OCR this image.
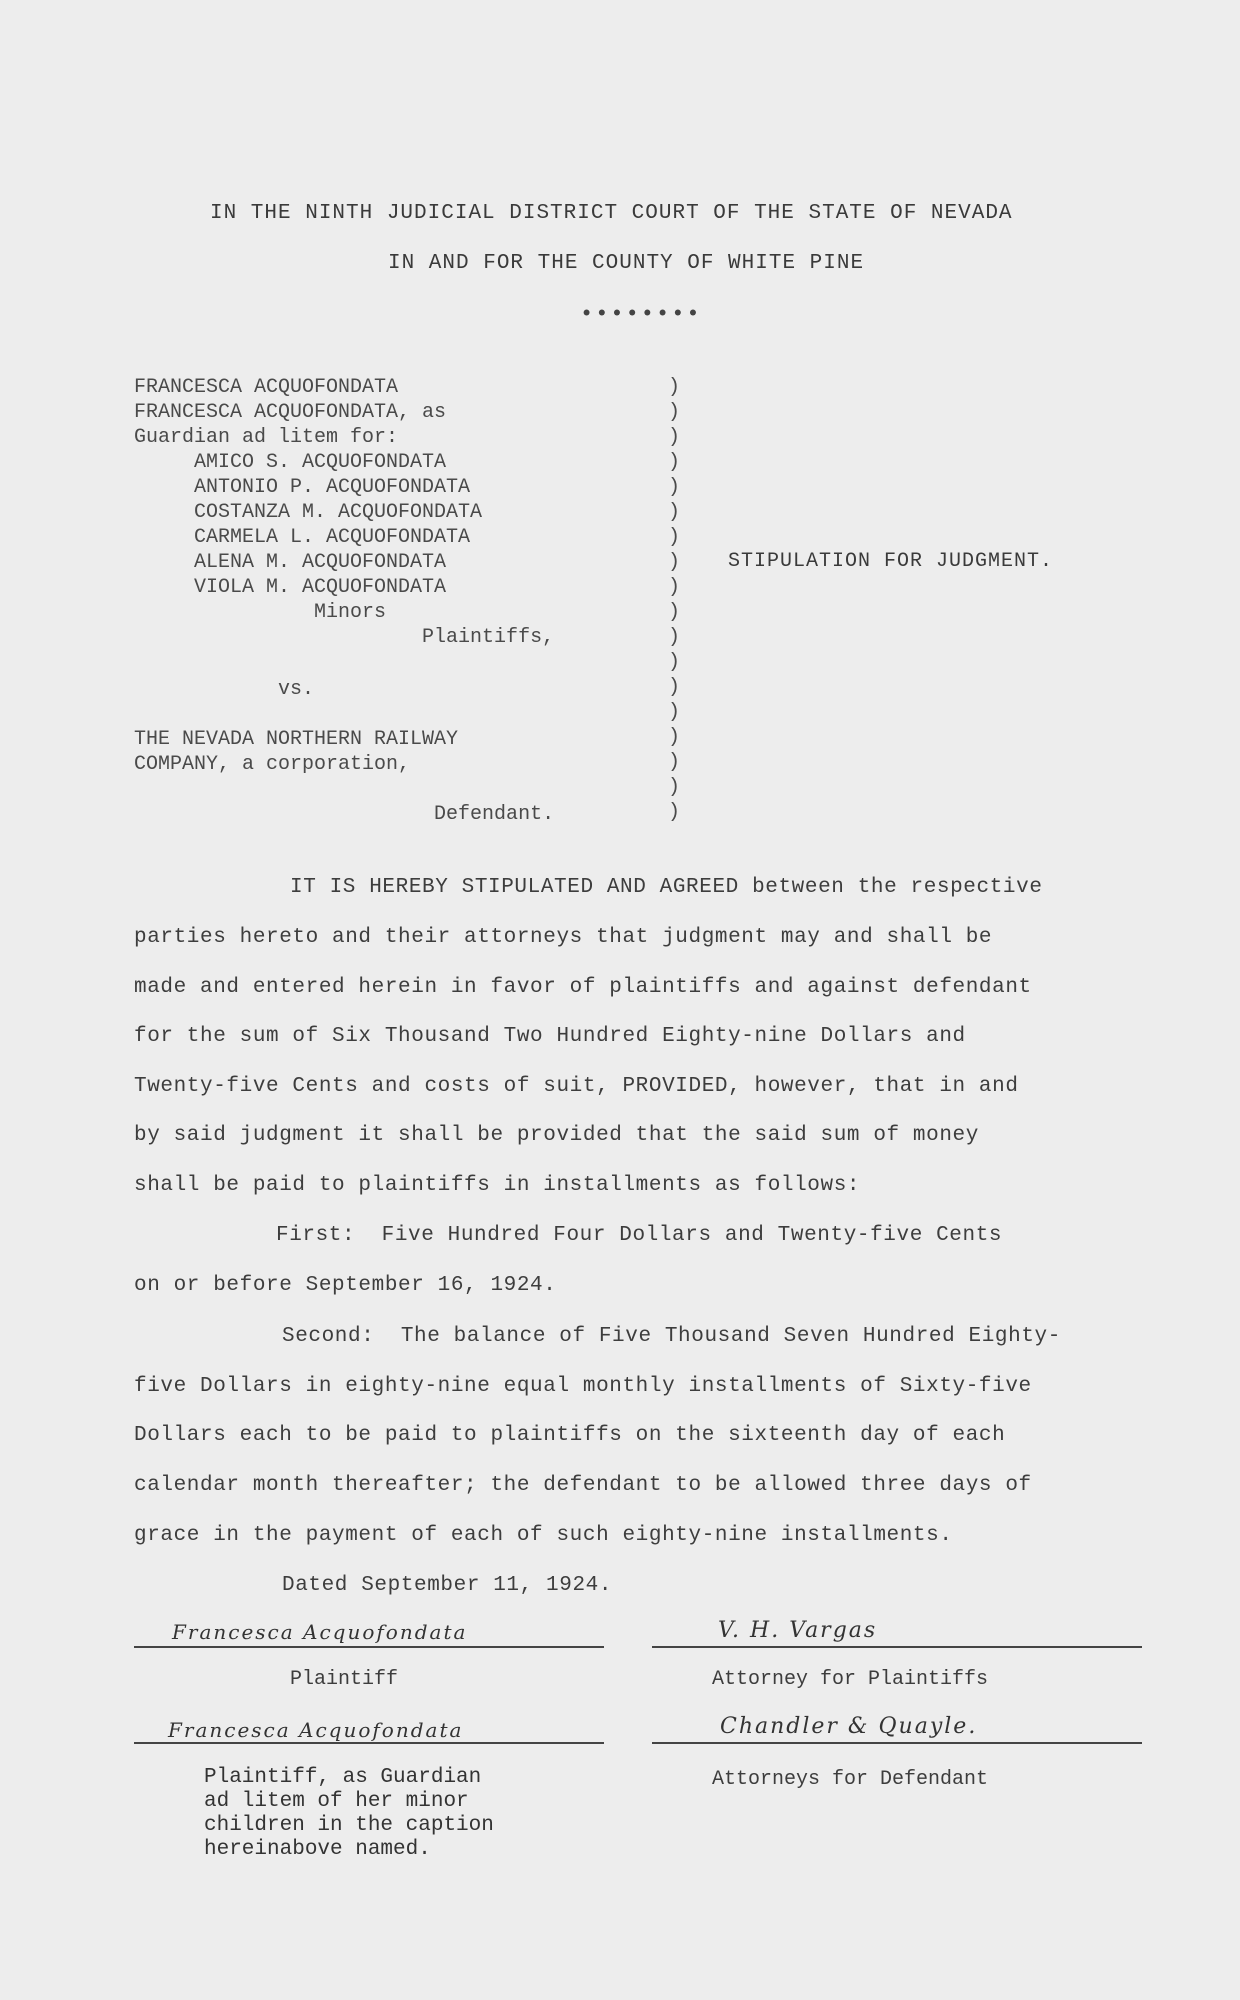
IN THE NINTH JUDICIAL DISTRICT COURT OF THE STATE OF NEVADA
IN AND FOR THE COUNTY OF WHITE PINE
••••••••
FRANCESCA ACQUOFONDATA
FRANCESCA ACQUOFONDATA, as
Guardian ad litem for:
AMICO S. ACQUOFONDATA
ANTONIO P. ACQUOFONDATA
COSTANZA M. ACQUOFONDATA
CARMELA L. ACQUOFONDATA
ALENA M. ACQUOFONDATA
VIOLA M. ACQUOFONDATA
Minors
Plaintiffs,
vs.
THE NEVADA NORTHERN RAILWAY
COMPANY, a corporation,
Defendant.
)
)
)
)
)
)
)
)
)
)
)
)
)
)
)
)
)
)
STIPULATION FOR JUDGMENT.
IT IS HEREBY STIPULATED AND AGREED between the respective
parties hereto and their attorneys that judgment may and shall be
made and entered herein in favor of plaintiffs and against defendant
for the sum of Six Thousand Two Hundred Eighty-nine Dollars and
Twenty-five Cents and costs of suit, PROVIDED, however, that in and
by said judgment it shall be provided that the said sum of money
shall be paid to plaintiffs in installments as follows:
First:  Five Hundred Four Dollars and Twenty-five Cents
on or before September 16, 1924.
Second:  The balance of Five Thousand Seven Hundred Eighty-
five Dollars in eighty-nine equal monthly installments of Sixty-five
Dollars each to be paid to plaintiffs on the sixteenth day of each
calendar month thereafter; the defendant to be allowed three days of
grace in the payment of each of such eighty-nine installments.
Dated September 11, 1924.
Francesca Acquofondata
Plaintiff
V. H. Vargas
Attorney for Plaintiffs
Francesca Acquofondata
Plaintiff, as Guardian
ad litem of her minor
children in the caption
hereinabove named.
Chandler & Quayle.
Attorneys for Defendant
